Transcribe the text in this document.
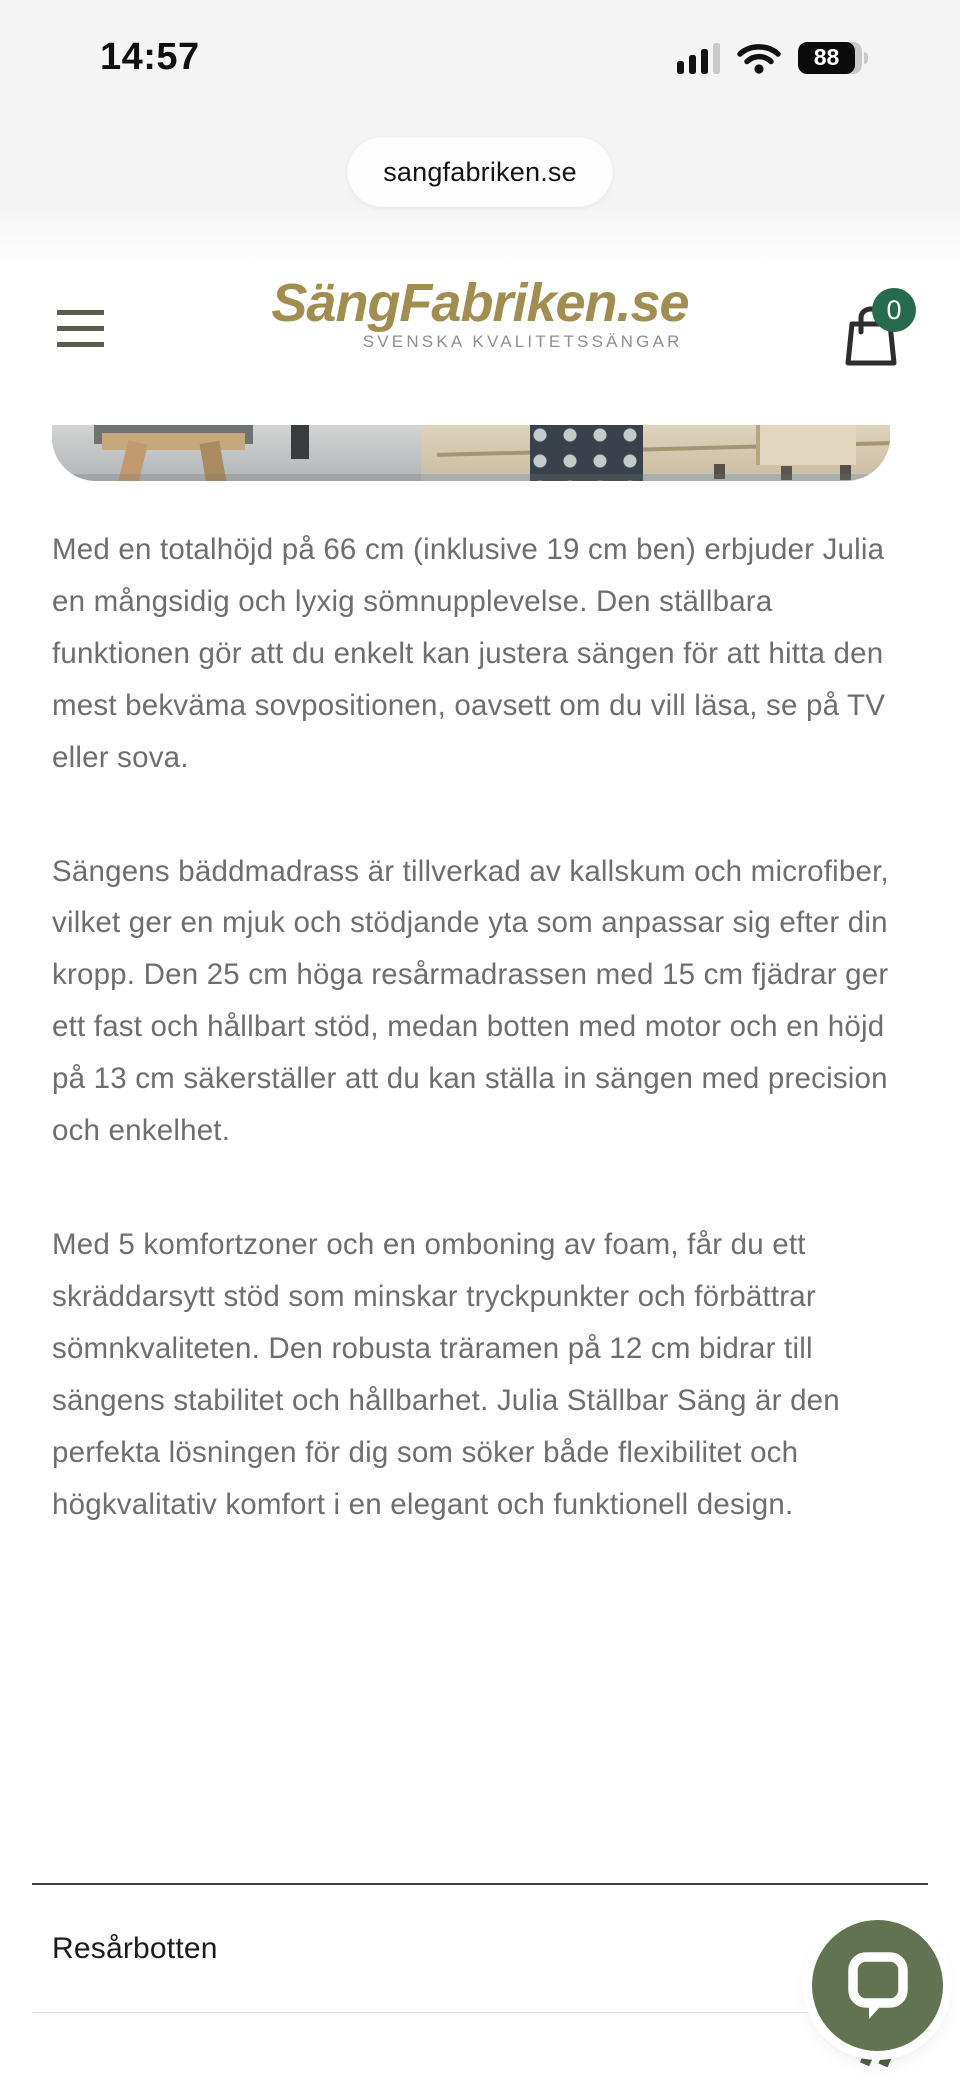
14:57	88
sangfabriken.se
SängFabriken.se
SVENSKA KVALITETSSÄNGAR
0

Med en totalhöjd på 66 cm (inklusive 19 cm ben) erbjuder Julia en mångsidig och lyxig sömnupplevelse. Den ställbara funktionen gör att du enkelt kan justera sängen för att hitta den mest bekväma sovpositionen, oavsett om du vill läsa, se på TV eller sova.

Sängens bäddmadrass är tillverkad av kallskum och microfiber, vilket ger en mjuk och stödjande yta som anpassar sig efter din kropp. Den 25 cm höga resårmadrassen med 15 cm fjädrar ger ett fast och hållbart stöd, medan botten med motor och en höjd på 13 cm säkerställer att du kan ställa in sängen med precision och enkelhet.

Med 5 komfortzoner och en omboning av foam, får du ett skräddarsytt stöd som minskar tryckpunkter och förbättrar sömnkvaliteten. Den robusta träramen på 12 cm bidrar till sängens stabilitet och hållbarhet. Julia Ställbar Säng är den perfekta lösningen för dig som söker både flexibilitet och högkvalitativ komfort i en elegant och funktionell design.

Resårbotten
